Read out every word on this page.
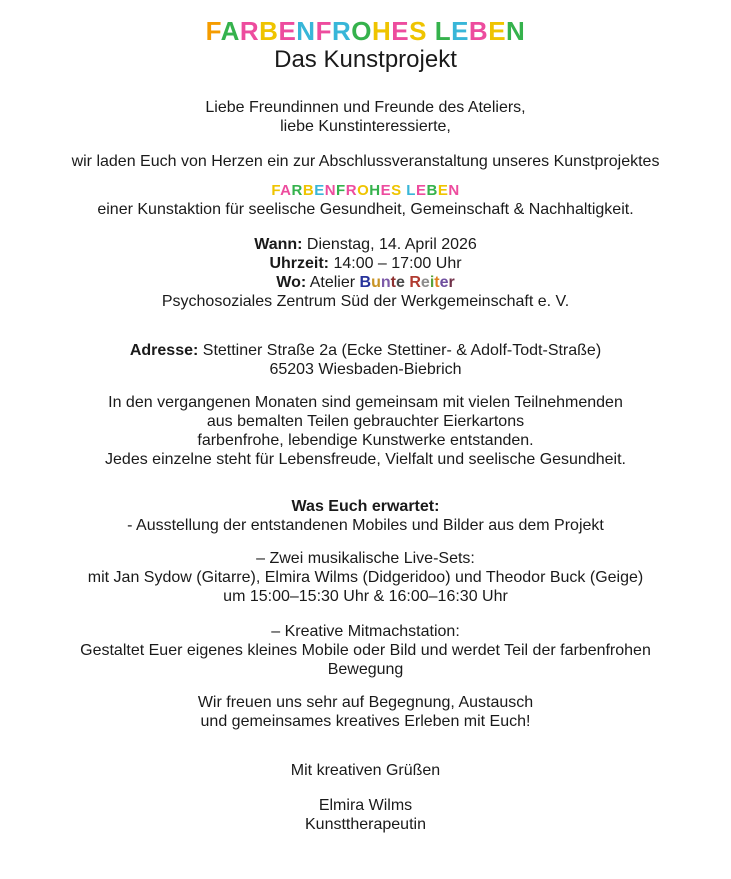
FARBENFROHES LEBEN
Das Kunstprojekt

Liebe Freundinnen und Freunde des Ateliers,
liebe Kunstinteressierte,

wir laden Euch von Herzen ein zur Abschlussveranstaltung unseres Kunstprojektes

FARBENFROHES LEBEN
einer Kunstaktion für seelische Gesundheit, Gemeinschaft & Nachhaltigkeit.

Wann: Dienstag, 14. April 2026
Uhrzeit: 14:00 – 17:00 Uhr
Wo: Atelier Bunte Reiter
Psychosoziales Zentrum Süd der Werkgemeinschaft e. V.

Adresse: Stettiner Straße 2a (Ecke Stettiner- & Adolf-Todt-Straße)
65203 Wiesbaden-Biebrich

In den vergangenen Monaten sind gemeinsam mit vielen Teilnehmenden
aus bemalten Teilen gebrauchter Eierkartons
farbenfrohe, lebendige Kunstwerke entstanden.
Jedes einzelne steht für Lebensfreude, Vielfalt und seelische Gesundheit.

Was Euch erwartet:
- Ausstellung der entstandenen Mobiles und Bilder aus dem Projekt

– Zwei musikalische Live-Sets:
mit Jan Sydow (Gitarre), Elmira Wilms (Didgeridoo) und Theodor Buck (Geige)
um 15:00–15:30 Uhr & 16:00–16:30 Uhr

– Kreative Mitmachstation:
Gestaltet Euer eigenes kleines Mobile oder Bild und werdet Teil der farbenfrohen
Bewegung

Wir freuen uns sehr auf Begegnung, Austausch
und gemeinsames kreatives Erleben mit Euch!

Mit kreativen Grüßen

Elmira Wilms
Kunsttherapeutin
